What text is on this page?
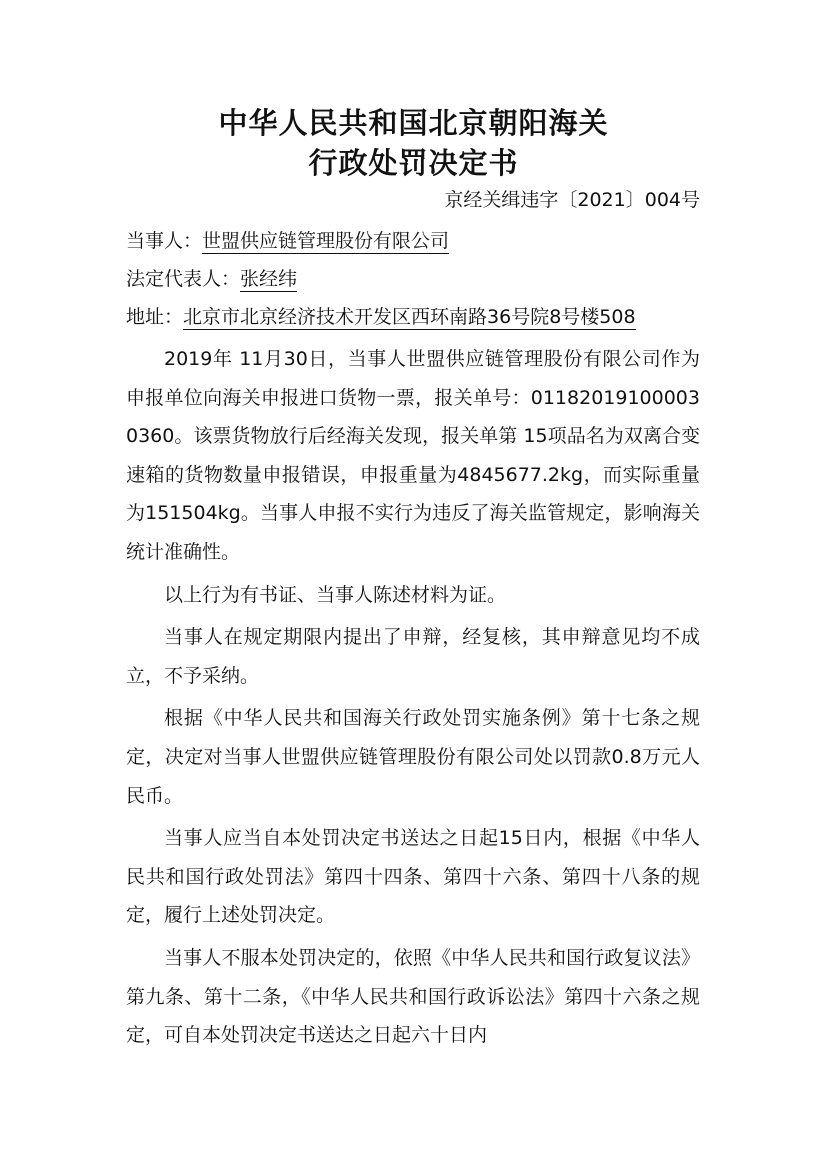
中华人民共和国北京朝阳海关
行政处罚决定书
京经关缉违字〔2021〕004号
当事人：世盟供应链管理股份有限公司
法定代表人：张经纬
地址：北京市北京经济技术开发区西环南路36号院8号楼508

2019年 11月30日，当事人世盟供应链管理股份有限公司作为申报单位向海关申报进口货物一票，报关单号：011820191000030360。该票货物放行后经海关发现，报关单第 15项品名为双离合变速箱的货物数量申报错误，申报重量为4845677.2kg，而实际重量为151504kg。当事人申报不实行为违反了海关监管规定，影响海关统计准确性。

以上行为有书证、当事人陈述材料为证。

当事人在规定期限内提出了申辩，经复核，其申辩意见均不成立，不予采纳。

根据《中华人民共和国海关行政处罚实施条例》第十七条之规定，决定对当事人世盟供应链管理股份有限公司处以罚款0.8万元人民币。

当事人应当自本处罚决定书送达之日起15日内，根据《中华人民共和国行政处罚法》第四十四条、第四十六条、第四十八条的规定，履行上述处罚决定。

当事人不服本处罚决定的，依照《中华人民共和国行政复议法》第九条、第十二条，《中华人民共和国行政诉讼法》第四十六条之规定，可自本处罚决定书送达之日起六十日内
